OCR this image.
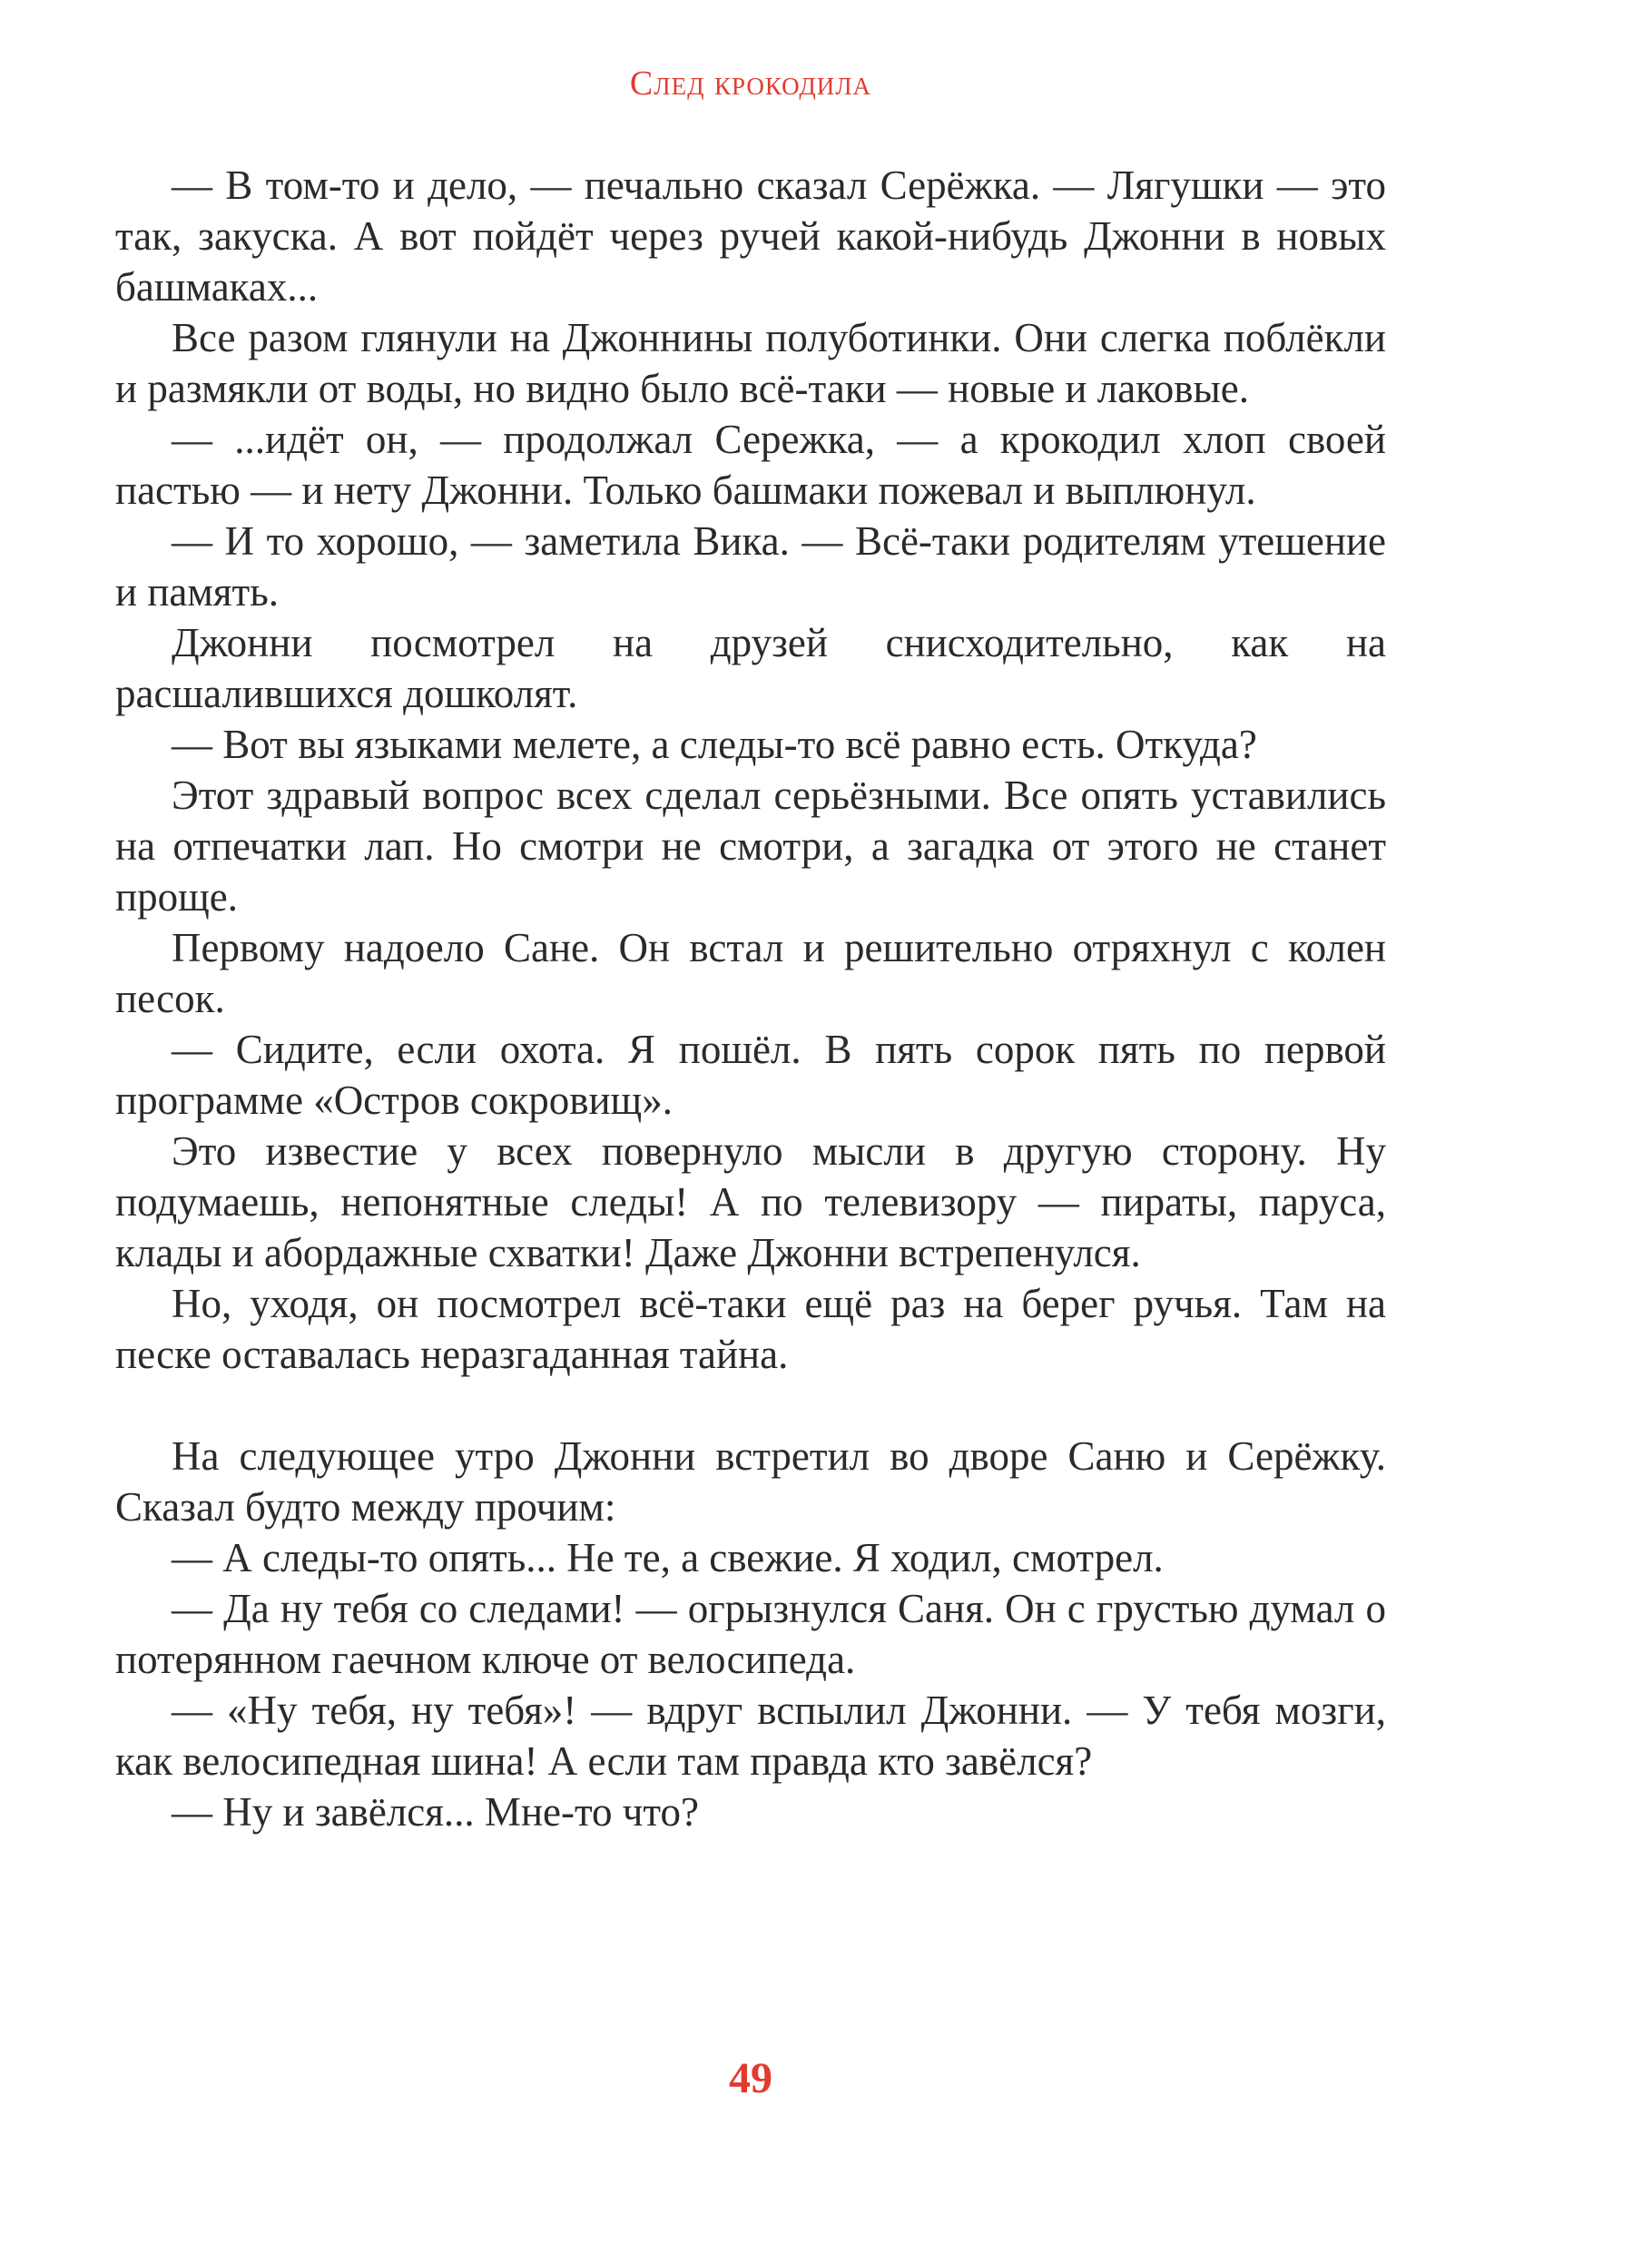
След крокодила

— В том-то и дело, — печально сказал Серёжка. — Лягушки — это так, закуска. А вот пойдёт через ручей какой-нибудь Джонни в новых башмаках...

Все разом глянули на Джоннины полуботинки. Они слегка поблёкли и размякли от воды, но видно было всё-таки — новые и лаковые.

— ...идёт он, — продолжал Сережка, — а крокодил хлоп своей пастью — и нету Джонни. Только башмаки пожевал и выплюнул.

— И то хорошо, — заметила Вика. — Всё-таки родителям утешение и память.

Джонни посмотрел на друзей снисходительно, как на расшалившихся дошколят.

— Вот вы языками мелете, а следы-то всё равно есть. Откуда?

Этот здравый вопрос всех сделал серьёзными. Все опять уставились на отпечатки лап. Но смотри не смотри, а загадка от этого не станет проще.

Первому надоело Сане. Он встал и решительно отряхнул с колен песок.

— Сидите, если охота. Я пошёл. В пять сорок пять по первой программе «Остров сокровищ».

Это известие у всех повернуло мысли в другую сторону. Ну подумаешь, непонятные следы! А по телевизору — пираты, паруса, клады и абордажные схватки! Даже Джонни встрепенулся.

Но, уходя, он посмотрел всё-таки ещё раз на берег ручья. Там на песке оставалась неразгаданная тайна.

На следующее утро Джонни встретил во дворе Саню и Серёжку. Сказал будто между прочим:

— А следы-то опять... Не те, а свежие. Я ходил, смотрел.

— Да ну тебя со следами! — огрызнулся Саня. Он с грустью думал о потерянном гаечном ключе от велосипеда.

— «Ну тебя, ну тебя»! — вдруг вспылил Джонни. — У тебя мозги, как велосипедная шина! А если там правда кто завёлся?

— Ну и завёлся... Мне-то что?

49
